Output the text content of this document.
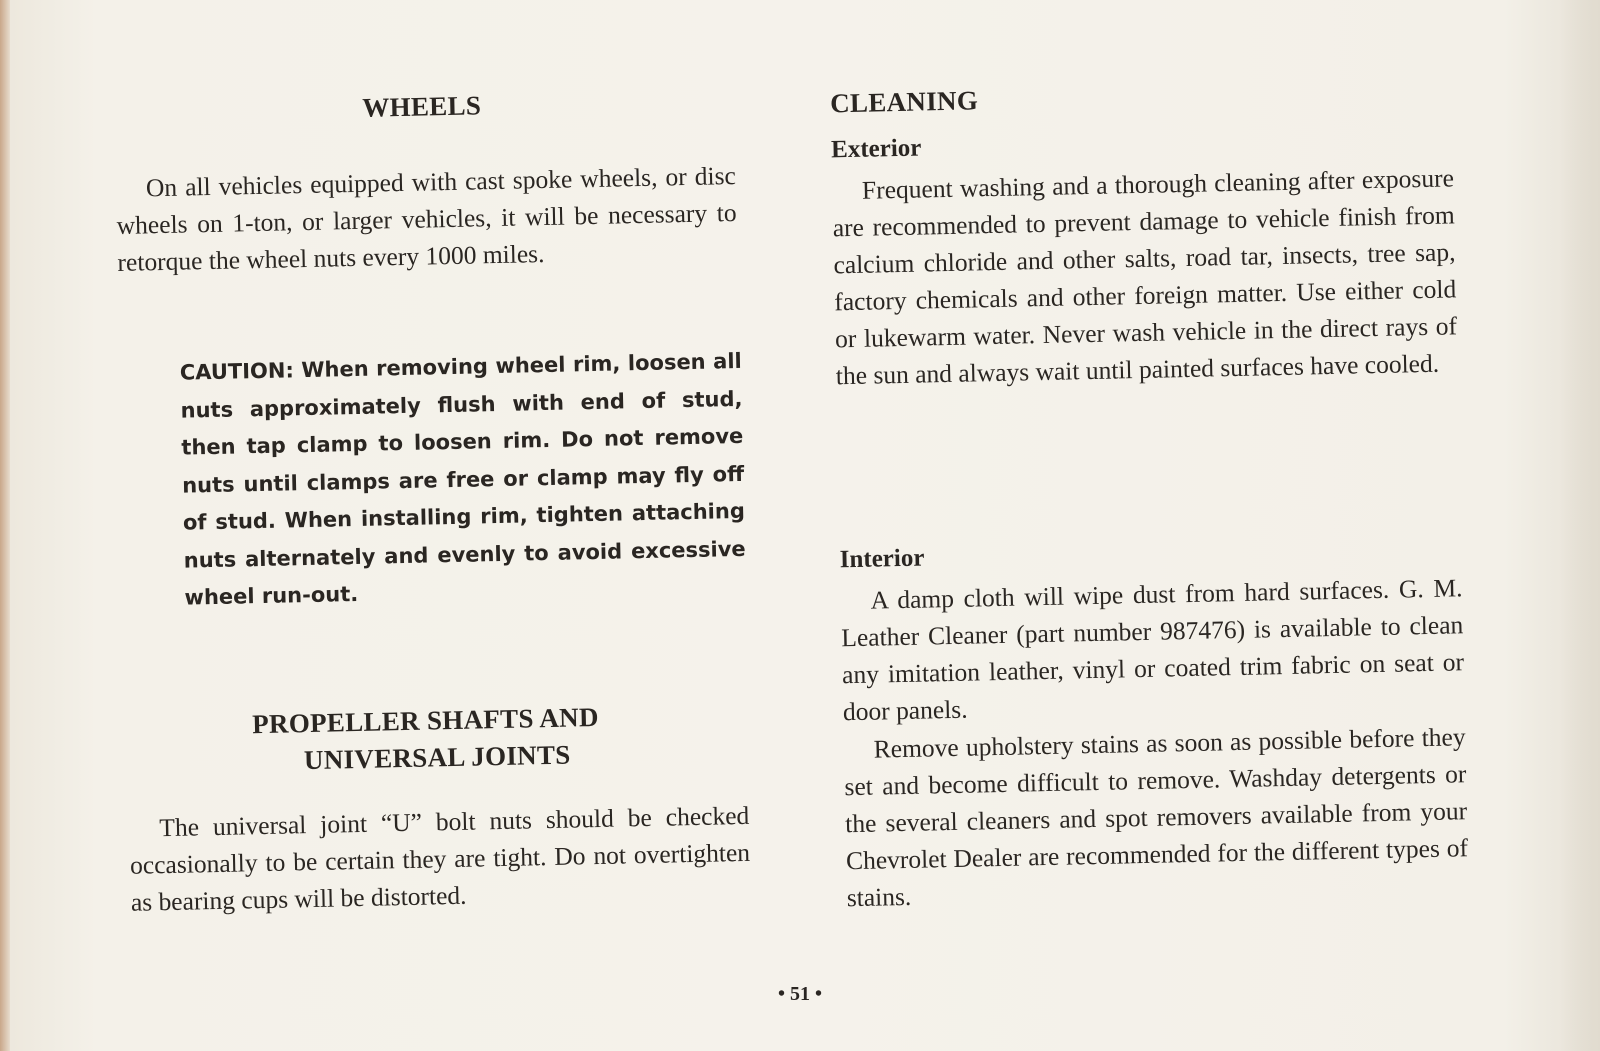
WHEELS

On all vehicles equipped with cast spoke wheels, or disc wheels on 1-ton, or larger vehicles, it will be necessary to retorque the wheel nuts every 1000 miles.

CAUTION: When removing wheel rim, loosen all nuts approximately flush with end of stud, then tap clamp to loosen rim. Do not remove nuts until clamps are free or clamp may fly off of stud. When installing rim, tighten attaching nuts alternately and evenly to avoid excessive wheel run-out.

PROPELLER SHAFTS AND
UNIVERSAL JOINTS

The universal joint “U” bolt nuts should be checked occasionally to be certain they are tight. Do not overtighten as bearing cups will be distorted.

CLEANING
Exterior

Frequent washing and a thorough cleaning after exposure are recommended to prevent damage to vehicle finish from calcium chloride and other salts, road tar, insects, tree sap, factory chemicals and other foreign matter. Use either cold or lukewarm water. Never wash vehicle in the direct rays of the sun and always wait until painted surfaces have cooled.

Interior

A damp cloth will wipe dust from hard surfaces. G. M. Leather Cleaner (part number 987476) is available to clean any imitation leather, vinyl or coated trim fabric on seat or door panels.

Remove upholstery stains as soon as possible before they set and become difficult to remove. Washday detergents or the several cleaners and spot removers available from your Chevrolet Dealer are recommended for the different types of stains.

• 51 •
